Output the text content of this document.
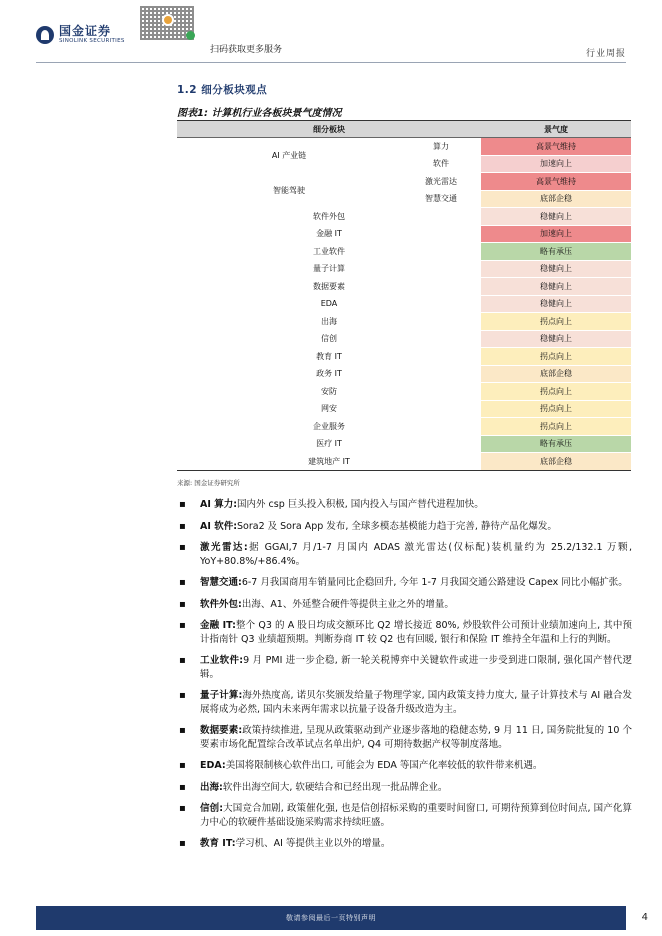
国金证券
SINOLINK SECURITIES
扫码获取更多服务	行业周报
1.2 细分板块观点
图表1: 计算机行业各板块景气度情况
细分板块		景气度
AI 产业链	算力	高景气维持
	软件	加速向上
智能驾驶	激光雷达	高景气维持
	智慧交通	底部企稳
软件外包		稳健向上
金融 IT		加速向上
工业软件		略有承压
量子计算		稳健向上
数据要素		稳健向上
EDA		稳健向上
出海		拐点向上
信创		稳健向上
教育 IT		拐点向上
政务 IT		底部企稳
安防		拐点向上
网安		拐点向上
企业服务		拐点向上
医疗 IT		略有承压
建筑地产 IT		底部企稳
来源: 国金证券研究所
▪ AI 算力:国内外 csp 巨头投入积极, 国内投入与国产替代进程加快。
▪ AI 软件:Sora2 及 Sora App 发布, 全球多模态基模能力趋于完善, 静待产品化爆发。
▪ 激光雷达:据 GGAI,7 月/1-7 月国内 ADAS 激光雷达(仅标配)装机量约为 25.2/132.1 万颗, YoY+80.8%/+86.4%。
▪ 智慧交通:6-7 月我国商用车销量同比企稳回升, 今年 1-7 月我国交通公路建设 Capex 同比小幅扩张。
▪ 软件外包:出海、A1、外延整合硬件等提供主业之外的增量。
▪ 金融 IT:整个 Q3 的 A 股日均成交额环比 Q2 增长接近 80%, 炒股软件公司预计业绩加速向上, 其中预计指南针 Q3 业绩超预期。判断券商 IT 较 Q2 也有回暖, 银行和保险 IT 维持全年温和上行的判断。
▪ 工业软件:9 月 PMI 进一步企稳, 新一轮关税博弈中关键软件或进一步受到进口限制, 强化国产替代逻辑。
▪ 量子计算:海外热度高, 诺贝尔奖颁发给量子物理学家, 国内政策支持力度大, 量子计算技术与 AI 融合发展将成为必然, 国内未来两年需求以抗量子设备升级改造为主。
▪ 数据要素:政策持续推进, 呈现从政策驱动到产业逐步落地的稳健态势, 9 月 11 日, 国务院批复的 10 个要素市场化配置综合改革试点名单出炉, Q4 可期待数据产权等制度落地。
▪ EDA:美国将限制核心软件出口, 可能会为 EDA 等国产化率较低的软件带来机遇。
▪ 出海:软件出海空间大, 软硬结合和已经出现一批品牌企业。
▪ 信创:大国竞合加剧, 政策催化强, 也是信创招标采购的重要时间窗口, 可期待预算到位时间点, 国产化算力中心的软硬件基础设施采购需求持续旺盛。
▪ 教育 IT:学习机、AI 等提供主业以外的增量。
敬请参阅最后一页特别声明	4
